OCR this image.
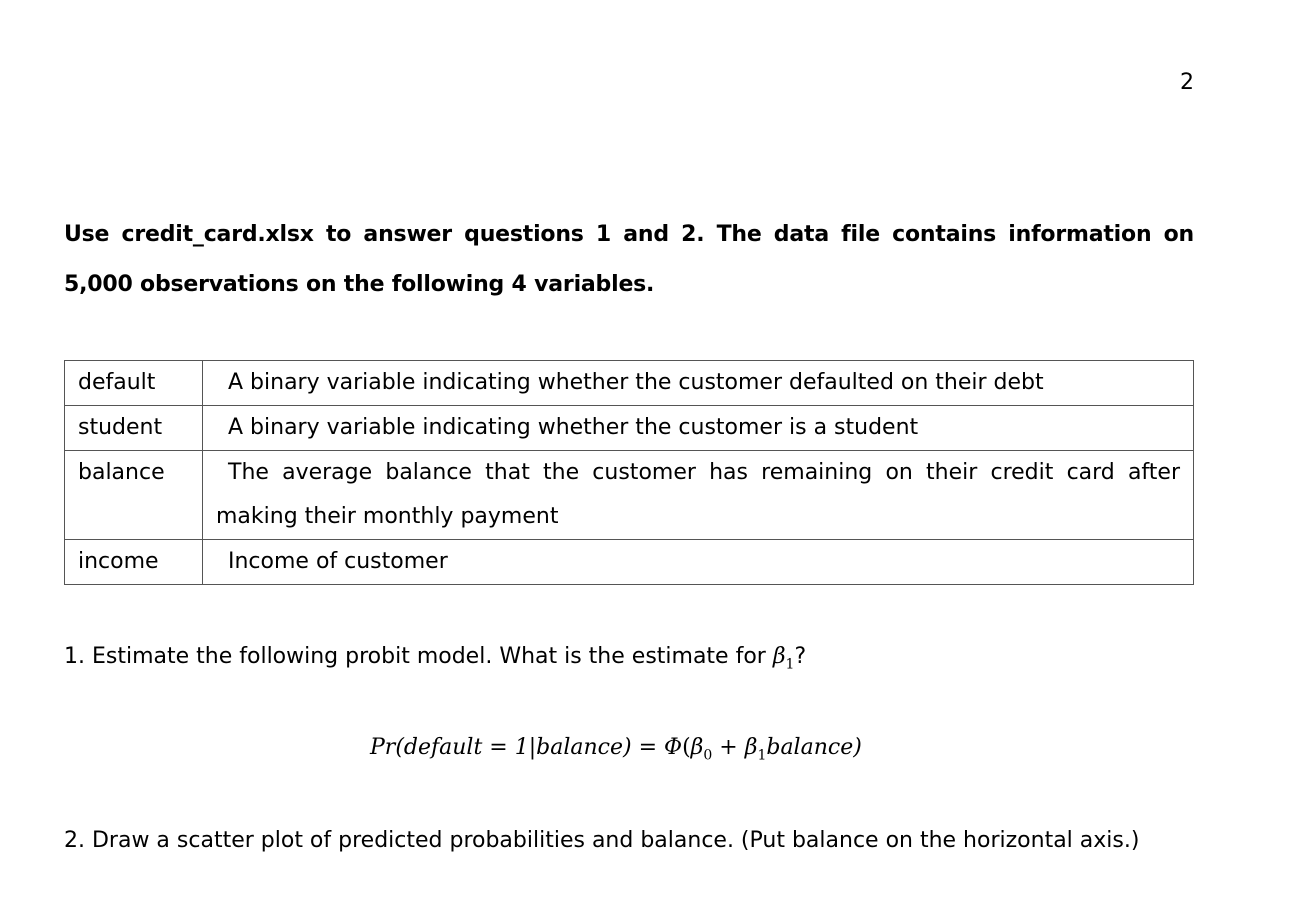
2
Use credit_card.xlsx to answer questions 1 and 2. The data file contains information on 5,000 observations on the following 4 variables.
default	A binary variable indicating whether the customer defaulted on their debt

student	A binary variable indicating whether the customer is a student

balance	The average balance that the customer has remaining on their credit card after
making their monthly payment

income	Income of customer
1. Estimate the following probit model. What is the estimate for $\beta_1$?
Pr(default = 1|balance) = $\Phi(\beta_0$ + $\beta_1balance$)
2. Draw a scatter plot of predicted probabilities and balance. (Put balance on the horizontal axis.)
